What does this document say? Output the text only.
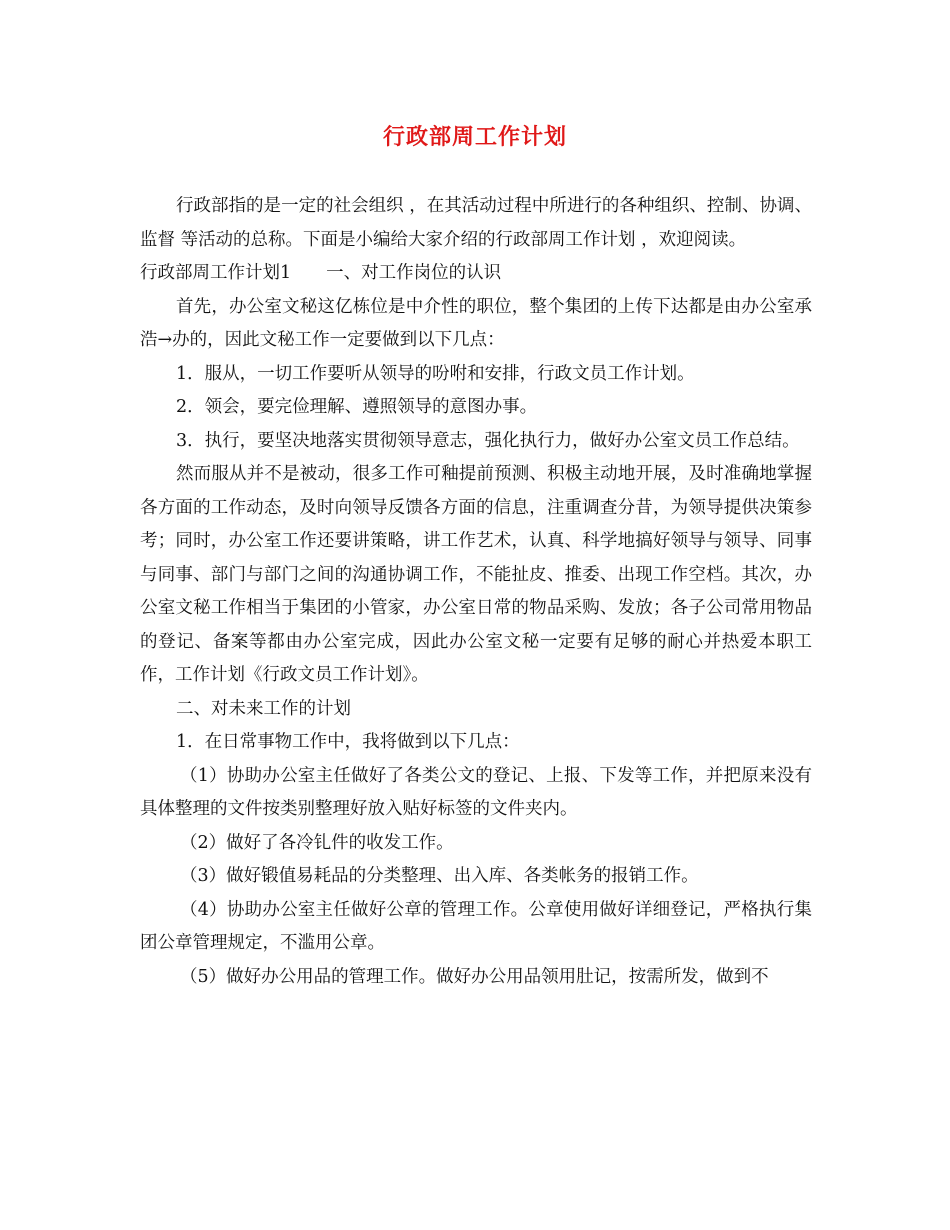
行政部周工作计划

行政部指的是一定的社会组织 ，在其活动过程中所进行的各种组织、控制、协调、监督 等活动的总称。下面是小编给大家介绍的行政部周工作计划 ，欢迎阅读。

行政部周工作计划1　　一、对工作岗位的认识

首先，办公室文秘这亿栋位是中介性的职位，整个集团的上传下达都是由办公室承浩→办的，因此文秘工作一定要做到以下几点：

1．服从，一切工作要听从领导的吩咐和安排，行政文员工作计划。

2．领会，要完俭理解、遵照领导的意图办事。

3．执行，要坚决地落实贯彻领导意志，强化执行力，做好办公室文员工作总结。

然而服从并不是被动，很多工作可釉提前预测、积极主动地开展，及时准确地掌握各方面的工作动态，及时向领导反馈各方面的信息，注重调查分昔，为领导提供决策参考；同时，办公室工作还要讲策略，讲工作艺术，认真、科学地搞好领导与领导、同事与同事、部门与部门之间的沟通协调工作，不能扯皮、推委、出现工作空档。其次，办公室文秘工作相当于集团的小管家，办公室日常的物品采购、发放；各子公司常用物品的登记、备案等都由办公室完成，因此办公室文秘一定要有足够的耐心并热爱本职工作，工作计划《行政文员工作计划》。

二、对未来工作的计划

1．在日常事物工作中，我将做到以下几点：

（1）协助办公室主任做好了各类公文的登记、上报、下发等工作，并把原来没有具体整理的文件按类别整理好放入贴好标签的文件夹内。

（2）做好了各冷钆件的收发工作。

（3）做好锻值易耗品的分类整理、出入库、各类帐务的报销工作。

（4）协助办公室主任做好公章的管理工作。公章使用做好详细登记，严格执行集团公章管理规定，不滥用公章。

（5）做好办公用品的管理工作。做好办公用品领用肚记，按需所发，做到不
